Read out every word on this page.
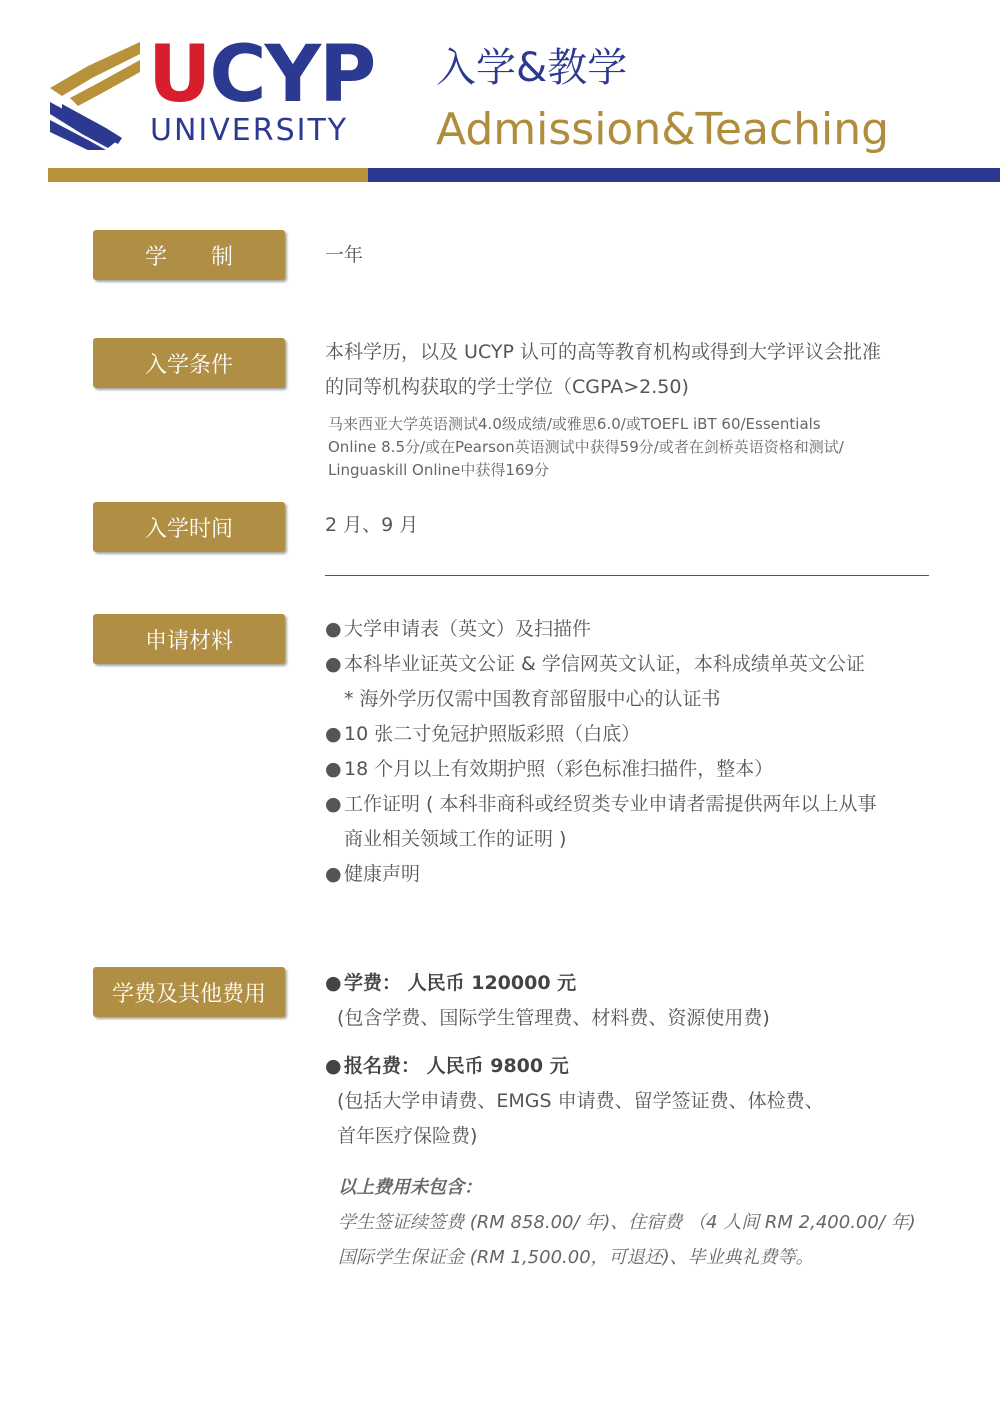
UCYP
UNIVERSITY
入学&教学
Admission&Teaching
学　　制	一年
入学条件
本科学历，以及 UCYP 认可的高等教育机构或得到大学评议会批准
的同等机构获取的学士学位（CGPA>2.50)
马来西亚大学英语测试4.0级成绩/或雅思6.0/或TOEFL iBT 60/Essentials
Online 8.5分/或在Pearson英语测试中获得59分/或者在剑桥英语资格和测试/
Linguaskill Online中获得169分
入学时间	2 月、9 月
申请材料	● 大学申请表（英文）及扫描件
● 本科毕业证英文公证 & 学信网英文认证，本科成绩单英文公证
* 海外学历仅需中国教育部留服中心的认证书
● 10 张二寸免冠护照版彩照（白底）
● 18 个月以上有效期护照（彩色标准扫描件，整本）
● 工作证明 ( 本科非商科或经贸类专业申请者需提供两年以上从事
商业相关领域工作的证明 )
● 健康声明
学费及其他费用	● 学费： 人民币 120000 元
(包含学费、国际学生管理费、材料费、资源使用费)
● 报名费： 人民币 9800 元
(包括大学申请费、EMGS 申请费、留学签证费、体检费、
首年医疗保险费)
以上费用未包含：
学生签证续签费 (RM 858.00/ 年)、住宿费 （4 人间 RM 2,400.00/ 年)
国际学生保证金 (RM 1,500.00，可退还)、毕业典礼费等。
